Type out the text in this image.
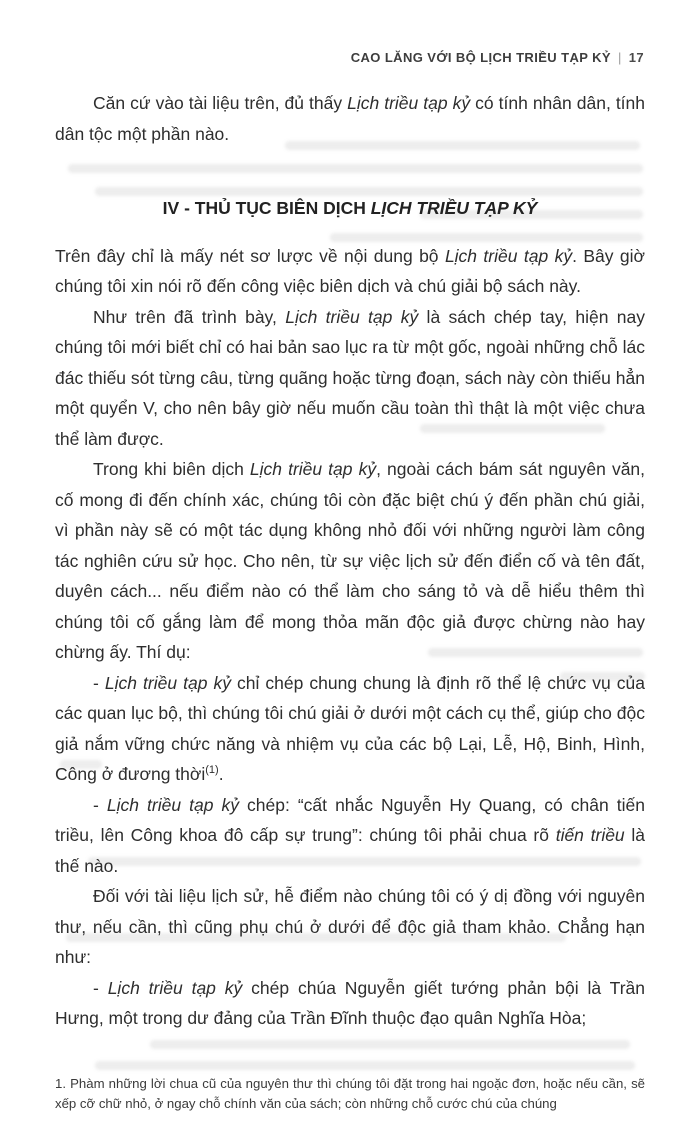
CAO LĂNG VỚI BỘ LỊCH TRIỀU TẠP KỶ | 17

Căn cứ vào tài liệu trên, đủ thấy Lịch triều tạp kỷ có tính nhân dân, tính dân tộc một phần nào.

IV - THỦ TỤC BIÊN DỊCH LỊCH TRIỀU TẠP KỶ

Trên đây chỉ là mấy nét sơ lược về nội dung bộ Lịch triều tạp kỷ. Bây giờ chúng tôi xin nói rõ đến công việc biên dịch và chú giải bộ sách này.

Như trên đã trình bày, Lịch triều tạp kỷ là sách chép tay, hiện nay chúng tôi mới biết chỉ có hai bản sao lục ra từ một gốc, ngoài những chỗ lác đác thiếu sót từng câu, từng quãng hoặc từng đoạn, sách này còn thiếu hẳn một quyển V, cho nên bây giờ nếu muốn cầu toàn thì thật là một việc chưa thể làm được.

Trong khi biên dịch Lịch triều tạp kỷ, ngoài cách bám sát nguyên văn, cố mong đi đến chính xác, chúng tôi còn đặc biệt chú ý đến phần chú giải, vì phần này sẽ có một tác dụng không nhỏ đối với những người làm công tác nghiên cứu sử học. Cho nên, từ sự việc lịch sử đến điển cố và tên đất, duyên cách... nếu điểm nào có thể làm cho sáng tỏ và dễ hiểu thêm thì chúng tôi cố gắng làm để mong thỏa mãn độc giả được chừng nào hay chừng ấy. Thí dụ:

- Lịch triều tạp kỷ chỉ chép chung chung là định rõ thể lệ chức vụ của các quan lục bộ, thì chúng tôi chú giải ở dưới một cách cụ thể, giúp cho độc giả nắm vững chức năng và nhiệm vụ của các bộ Lại, Lễ, Hộ, Binh, Hình, Công ở đương thời$^{(1)}$.

- Lịch triều tạp kỷ chép: “cất nhắc Nguyễn Hy Quang, có chân tiến triều, lên Công khoa đô cấp sự trung”: chúng tôi phải chua rõ tiến triều là thế nào.

Đối với tài liệu lịch sử, hễ điểm nào chúng tôi có ý dị đồng với nguyên thư, nếu cần, thì cũng phụ chú ở dưới để độc giả tham khảo. Chẳng hạn như:

- Lịch triều tạp kỷ chép chúa Nguyễn giết tướng phản bội là Trần Hưng, một trong dư đảng của Trần Đĩnh thuộc đạo quân Nghĩa Hòa;

1. Phàm những lời chua cũ của nguyên thư thì chúng tôi đặt trong hai ngoặc đơn, hoặc nếu cần, sẽ xếp cỡ chữ nhỏ, ở ngay chỗ chính văn của sách; còn những chỗ cước chú của chúng
